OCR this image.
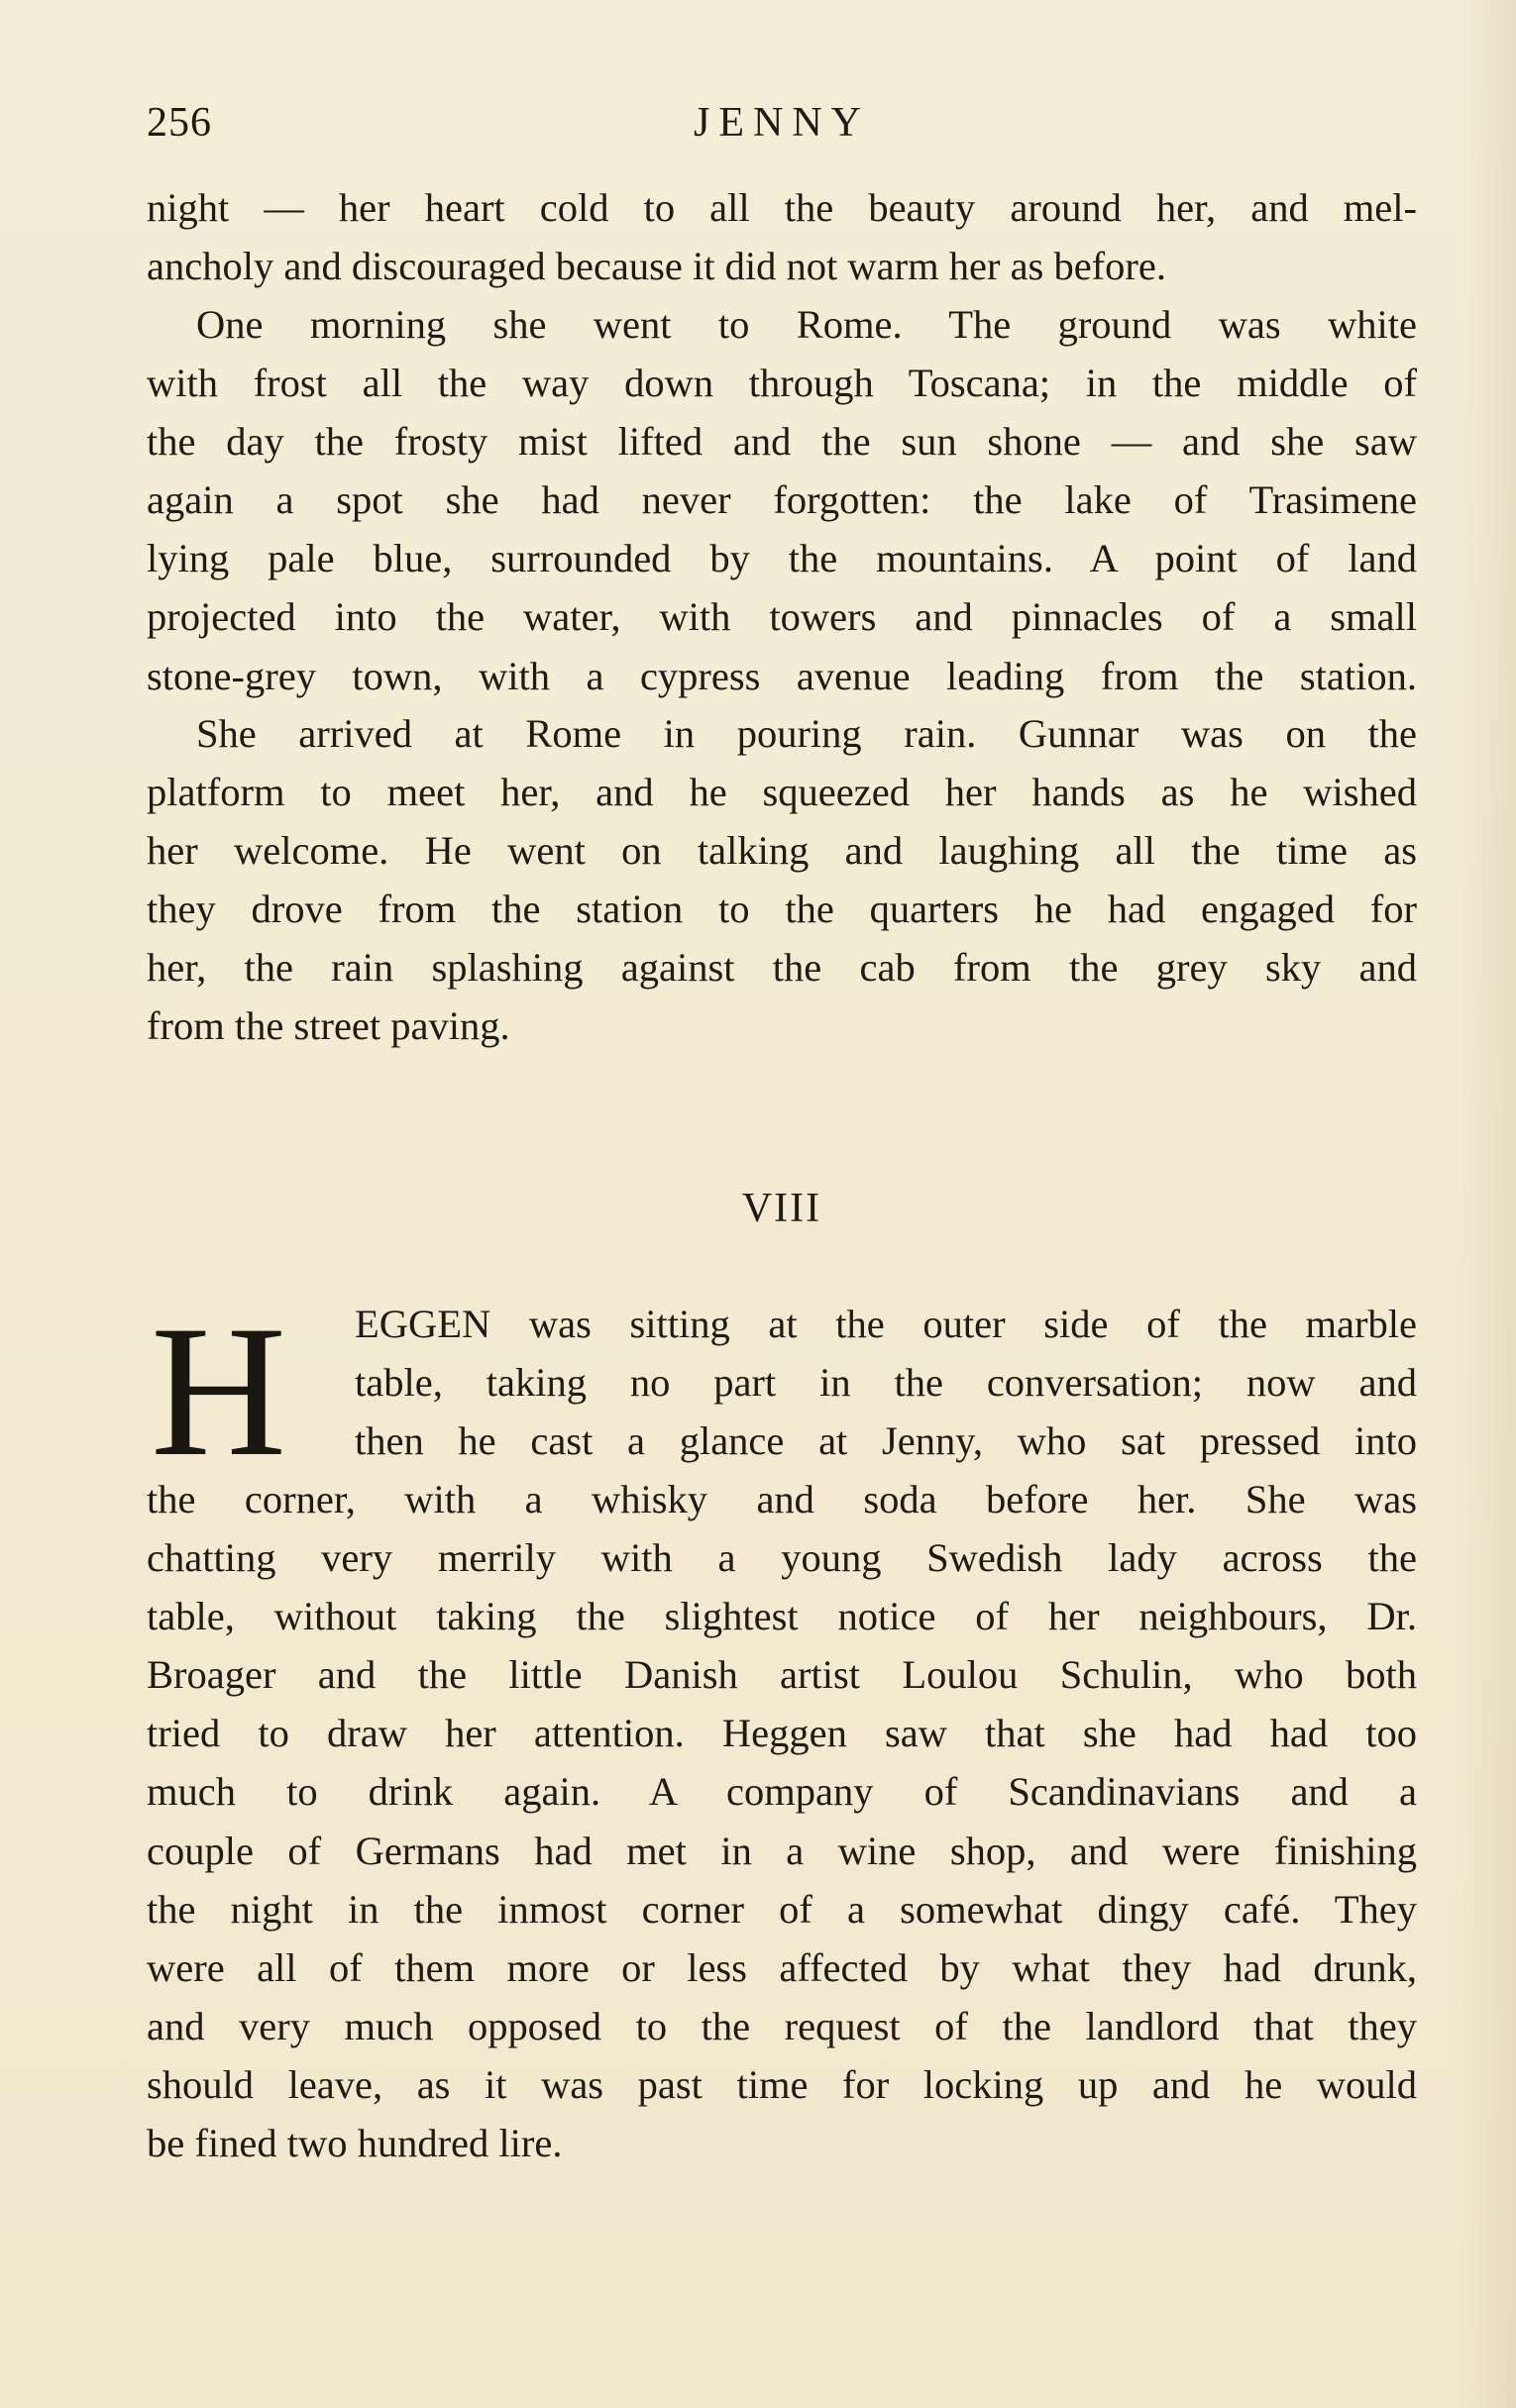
256	JENNY
night — her heart cold to all the beauty around her, and mel-
ancholy and discouraged because it did not warm her as before.
One morning she went to Rome. The ground was white
with frost all the way down through Toscana; in the middle of
the day the frosty mist lifted and the sun shone — and she saw
again a spot she had never forgotten: the lake of Trasimene
lying pale blue, surrounded by the mountains. A point of land
projected into the water, with towers and pinnacles of a small
stone-grey town, with a cypress avenue leading from the station.
She arrived at Rome in pouring rain. Gunnar was on the
platform to meet her, and he squeezed her hands as he wished
her welcome. He went on talking and laughing all the time as
they drove from the station to the quarters he had engaged for
her, the rain splashing against the cab from the grey sky and
from the street paving.
VIII
H EGGEN was sitting at the outer side of the marble
table, taking no part in the conversation; now and
then he cast a glance at Jenny, who sat pressed into
the corner, with a whisky and soda before her. She was
chatting very merrily with a young Swedish lady across the
table, without taking the slightest notice of her neighbours, Dr.
Broager and the little Danish artist Loulou Schulin, who both
tried to draw her attention. Heggen saw that she had had too
much to drink again. A company of Scandinavians and a
couple of Germans had met in a wine shop, and were finishing
the night in the inmost corner of a somewhat dingy café. They
were all of them more or less affected by what they had drunk,
and very much opposed to the request of the landlord that they
should leave, as it was past time for locking up and he would
be fined two hundred lire.
